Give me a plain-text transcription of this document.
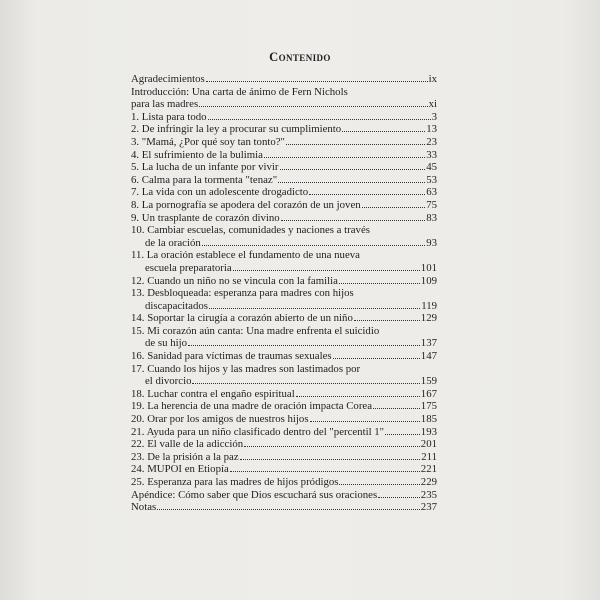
Contenido
Agradecimientos	ix
Introducción: Una carta de ánimo de Fern Nichols
para las madres	xi
1. Lista para todo	3
2. De infringir la ley a procurar su cumplimiento	13
3. "Mamá, ¿Por qué soy tan tonto?"	23
4. El sufrimiento de la bulimia	33
5. La lucha de un infante por vivir	45
6. Calma para la tormenta "tenaz"	53
7. La vida con un adolescente drogadicto	63
8. La pornografía se apodera del corazón de un joven	75
9. Un trasplante de corazón divino	83
10. Cambiar escuelas, comunidades y naciones a través
de la oración	93
11. La oración establece el fundamento de una nueva
escuela preparatoria	101
12. Cuando un niño no se vincula con la familia	109
13. Desbloqueada: esperanza para madres con hijos
discapacitados	119
14. Soportar la cirugía a corazón abierto de un niño	129
15. Mi corazón aún canta: Una madre enfrenta el suicidio
de su hijo	137
16. Sanidad para víctimas de traumas sexuales	147
17. Cuando los hijos y las madres son lastimados por
el divorcio	159
18. Luchar contra el engaño espiritual	167
19. La herencia de una madre de oración impacta Corea	175
20. Orar por los amigos de nuestros hijos	185
21. Ayuda para un niño clasificado dentro del "percentil 1"	193
22. El valle de la adicción	201
23. De la prisión a la paz	211
24. MUPOI en Etiopía	221
25. Esperanza para las madres de hijos pródigos	229
Apéndice: Cómo saber que Dios escuchará sus oraciones	235
Notas	237
